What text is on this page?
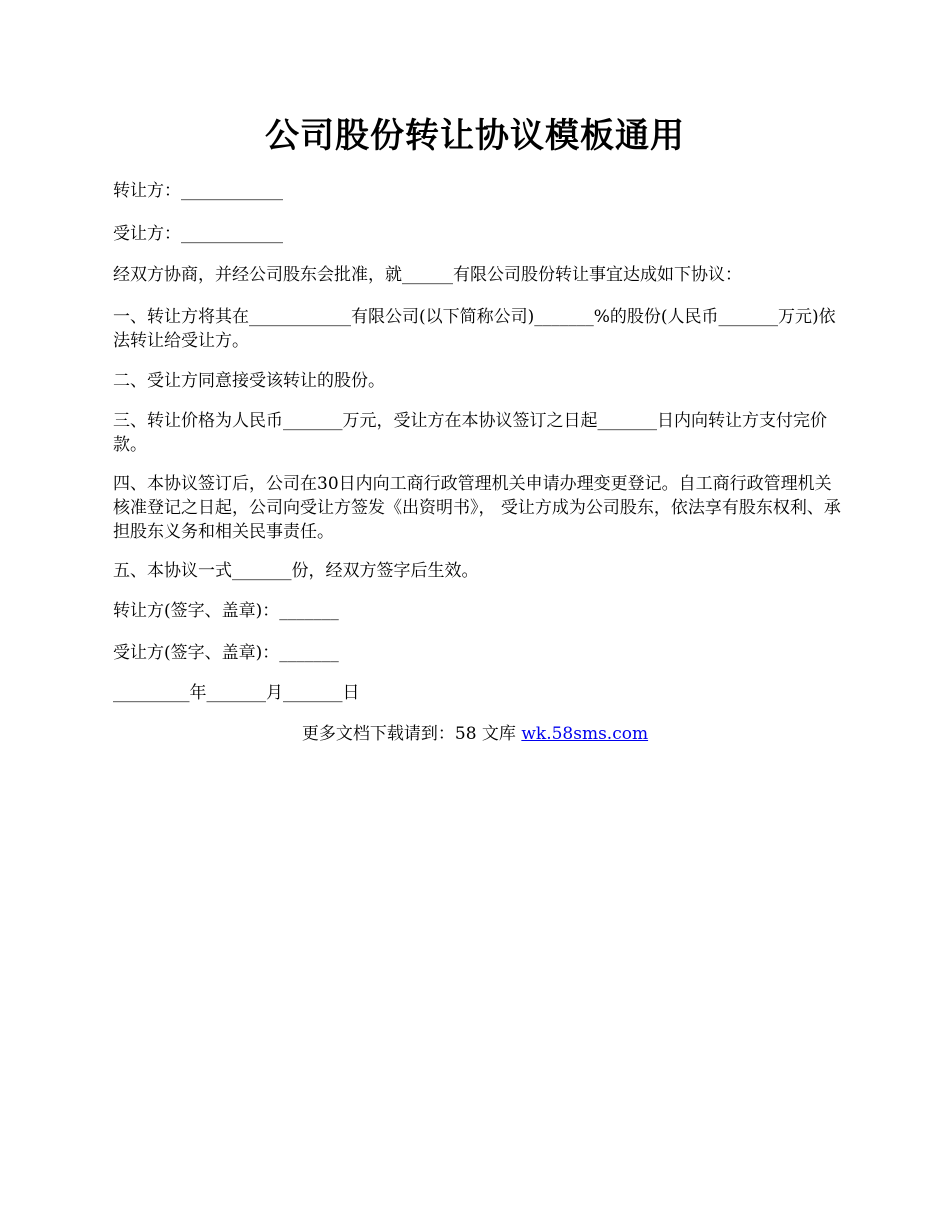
公司股份转让协议模板通用

转让方：____________

受让方：____________

经双方协商，并经公司股东会批准，就______有限公司股份转让事宜达成如下协议：

一、转让方将其在____________有限公司(以下简称公司)_______%的股份(人民币_______万元)依法转让给受让方。

二、受让方同意接受该转让的股份。

三、转让价格为人民币_______万元，受让方在本协议签订之日起_______日内向转让方支付完价款。

四、本协议签订后，公司在30日内向工商行政管理机关申请办理变更登记。自工商行政管理机关核准登记之日起，公司向受让方签发《出资明书》， 受让方成为公司股东，依法享有股东权利、承担股东义务和相关民事责任。

五、本协议一式_______份，经双方签字后生效。

转让方(签字、盖章)：_______

受让方(签字、盖章)：_______

_________年_______月_______日

更多文档下载请到：58 文库 wk.58sms.com
